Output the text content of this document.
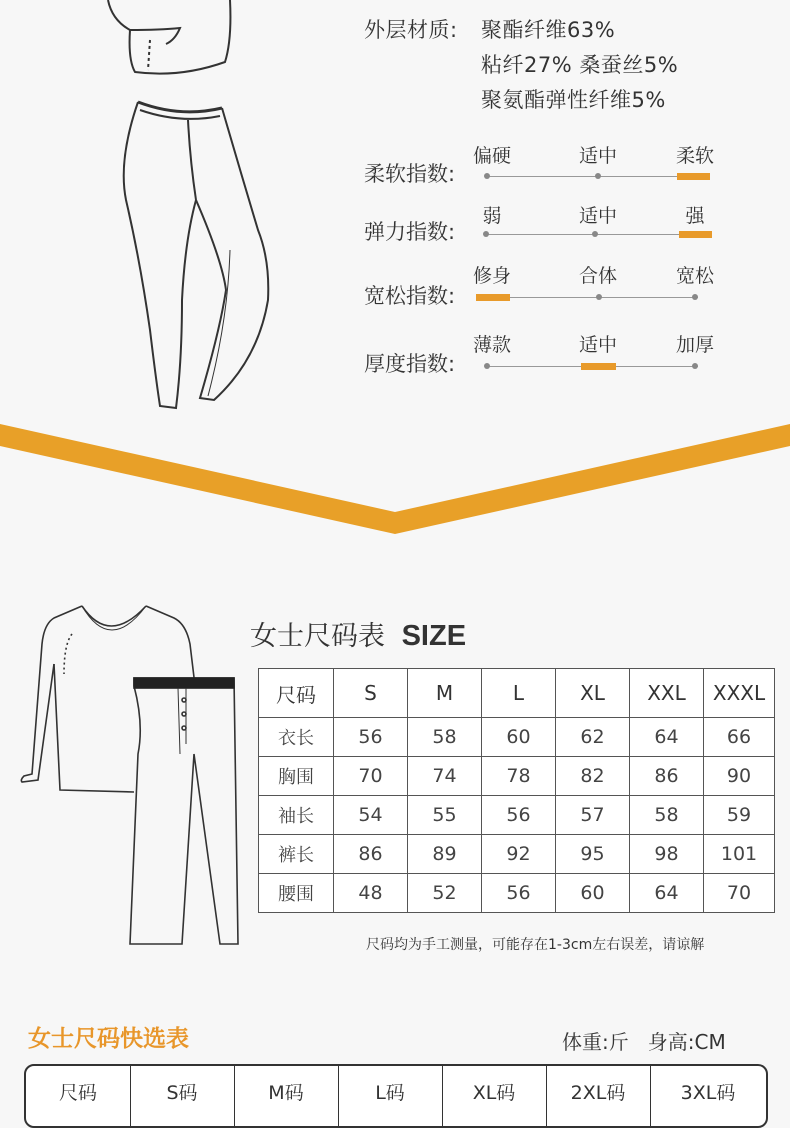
外层材质: 聚酯纤维63%
粘纤27% 桑蚕丝5%
聚氨酯弹性纤维5%
柔软指数:
偏硬	适中	柔软
弹力指数:
弱	适中	强
宽松指数:
修身	合体	宽松
厚度指数:
薄款	适中	加厚
女士尺码表 SIZE
尺码	S	M	L	XL	XXL	XXXL
衣长	56	58	60	62	64	66
胸围	70	74	78	82	86	90
袖长	54	55	56	57	58	59
裤长	86	89	92	95	98	101
腰围	48	52	56	60	64	70
尺码均为手工测量，可能存在1-3cm左右误差，请谅解
女士尺码快选表	体重:斤   身高:CM
尺码	S码	M码	L码	XL码	2XL码	3XL码
